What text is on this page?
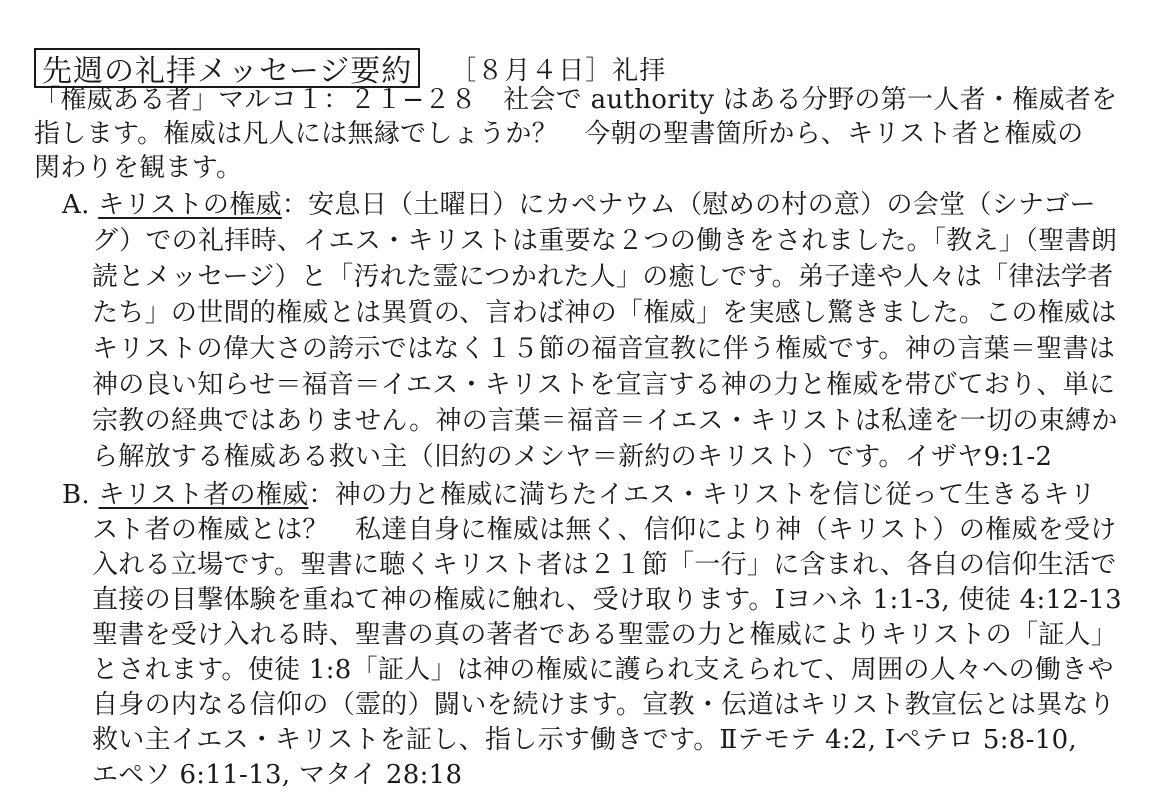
先週の礼拝メッセージ要約	［８月４日］礼拝
「権威ある者」マルコ１：２１−２８　社会で authority はある分野の第一人者・権威者を
指します。権威は凡人には無縁でしょうか？　今朝の聖書箇所から、キリスト者と権威の
関わりを観ます。
A. キリストの権威：安息日（土曜日）にカペナウム（慰めの村の意）の会堂（シナゴー
グ）での礼拝時、イエス・キリストは重要な２つの働きをされました。「教え」（聖書朗
読とメッセージ）と「汚れた霊につかれた人」の癒しです。弟子達や人々は「律法学者
たち」の世間的権威とは異質の、言わば神の「権威」を実感し驚きました。この権威は
キリストの偉大さの誇示ではなく１５節の福音宣教に伴う権威です。神の言葉＝聖書は
神の良い知らせ＝福音＝イエス・キリストを宣言する神の力と権威を帯びており、単に
宗教の経典ではありません。神の言葉＝福音＝イエス・キリストは私達を一切の束縛か
ら解放する権威ある救い主（旧約のメシヤ＝新約のキリスト）です。イザヤ9:1-2
B. キリスト者の権威：神の力と権威に満ちたイエス・キリストを信じ従って生きるキリ
スト者の権威とは？　私達自身に権威は無く、信仰により神（キリスト）の権威を受け
入れる立場です。聖書に聴くキリスト者は２１節「一行」に含まれ、各自の信仰生活で
直接の目撃体験を重ねて神の権威に触れ、受け取ります。Ⅰヨハネ 1:1-3, 使徒 4:12-13
聖書を受け入れる時、聖書の真の著者である聖霊の力と権威によりキリストの「証人」
とされます。使徒 1:8「証人」は神の権威に護られ支えられて、周囲の人々への働きや
自身の内なる信仰の（霊的）闘いを続けます。宣教・伝道はキリスト教宣伝とは異なり
救い主イエス・キリストを証し、指し示す働きです。Ⅱテモテ 4:2, Ⅰペテロ 5:8-10,
エペソ 6:11-13, マタイ 28:18
